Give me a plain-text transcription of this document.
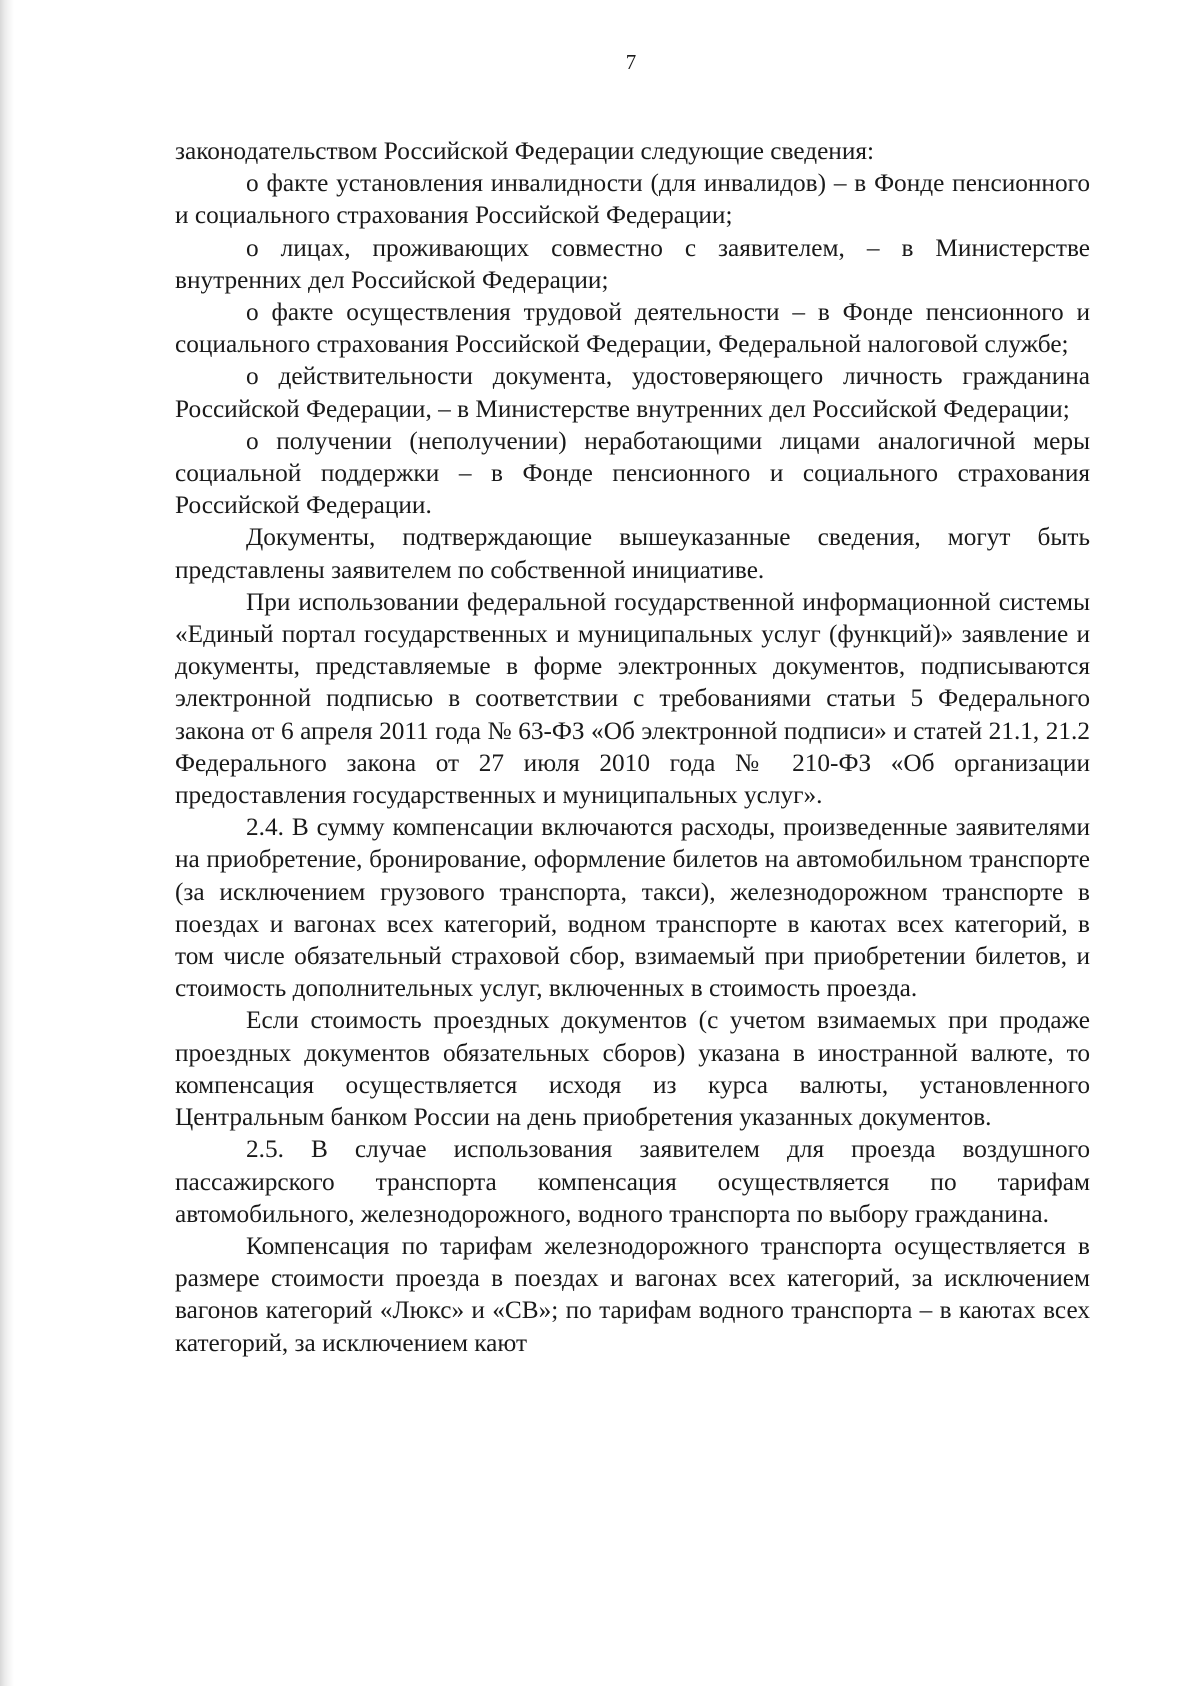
7

законодательством Российской Федерации следующие сведения:

о факте установления инвалидности (для инвалидов) – в Фонде пенсионного и социального страхования Российской Федерации;

о лицах, проживающих совместно с заявителем, – в Министерстве внутренних дел Российской Федерации;

о факте осуществления трудовой деятельности – в Фонде пенсионного и социального страхования Российской Федерации, Федеральной налоговой службе;

о действительности документа, удостоверяющего личность гражданина Российской Федерации, – в Министерстве внутренних дел Российской Федерации;

о получении (неполучении) неработающими лицами аналогичной меры социальной поддержки – в Фонде пенсионного и социального страхования Российской Федерации.

Документы, подтверждающие вышеуказанные сведения, могут быть представлены заявителем по собственной инициативе.

При использовании федеральной государственной информационной системы «Единый портал государственных и муниципальных услуг (функций)» заявление и документы, представляемые в форме электронных документов, подписываются электронной подписью в соответствии с требованиями статьи 5 Федерального закона от 6 апреля 2011 года № 63-ФЗ «Об электронной подписи» и статей 21.1, 21.2 Федерального закона от 27 июля 2010 года № 210-ФЗ «Об организации предоставления государственных и муниципальных услуг».

2.4. В сумму компенсации включаются расходы, произведенные заявителями на приобретение, бронирование, оформление билетов на автомобильном транспорте (за исключением грузового транспорта, такси), железнодорожном транспорте в поездах и вагонах всех категорий, водном транспорте в каютах всех категорий, в том числе обязательный страховой сбор, взимаемый при приобретении билетов, и стоимость дополнительных услуг, включенных в стоимость проезда.

Если стоимость проездных документов (с учетом взимаемых при продаже проездных документов обязательных сборов) указана в иностранной валюте, то компенсация осуществляется исходя из курса валюты, установленного Центральным банком России на день приобретения указанных документов.

2.5. В случае использования заявителем для проезда воздушного пассажирского транспорта компенсация осуществляется по тарифам автомобильного, железнодорожного, водного транспорта по выбору гражданина.

Компенсация по тарифам железнодорожного транспорта осуществляется в размере стоимости проезда в поездах и вагонах всех категорий, за исключением вагонов категорий «Люкс» и «СВ»; по тарифам водного транспорта – в каютах всех категорий, за исключением кают
